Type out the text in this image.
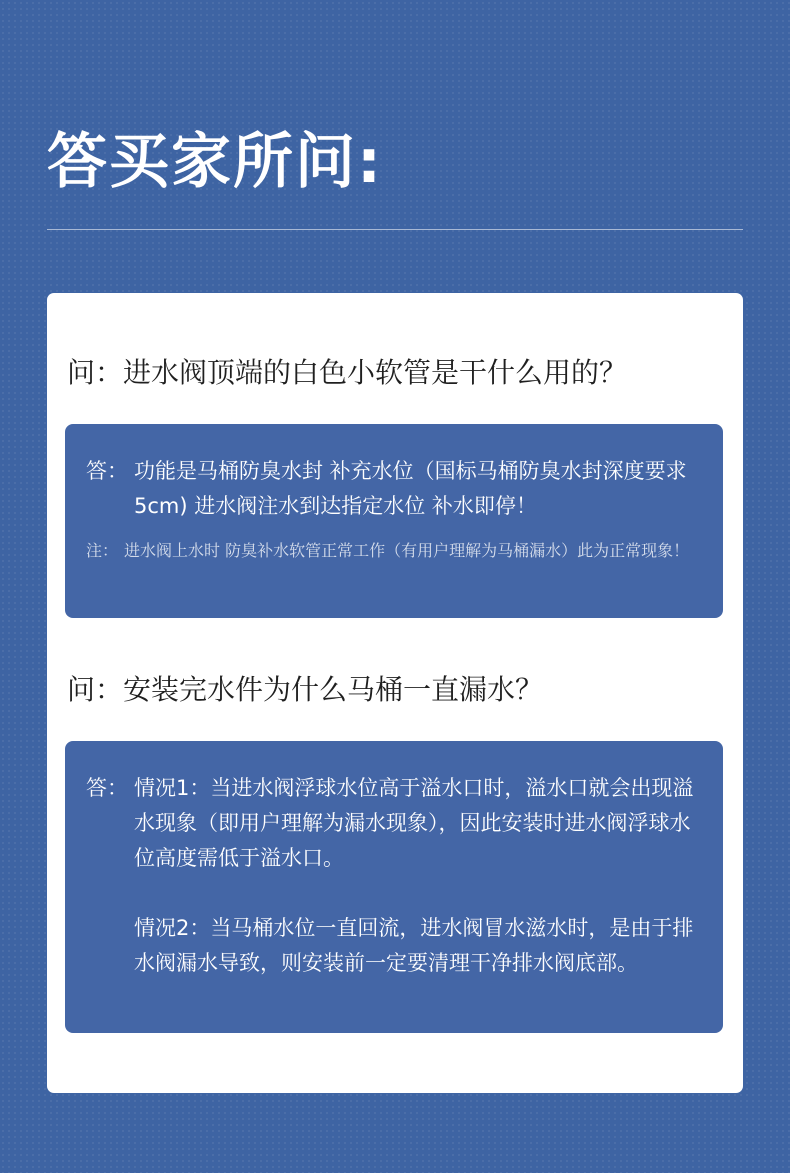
答买家所问:
问：进水阀顶端的白色小软管是干什么用的？
答： 功能是马桶防臭水封 补充水位（国标马桶防臭水封深度要求5cm) 进水阀注水到达指定水位 补水即停！
注： 进水阀上水时 防臭补水软管正常工作（有用户理解为马桶漏水）此为正常现象！
问：安装完水件为什么马桶一直漏水？
答： 情况1：当进水阀浮球水位高于溢水口时，溢水口就会出现溢水现象（即用户理解为漏水现象），因此安装时进水阀浮球水位高度需低于溢水口。
情况2：当马桶水位一直回流，进水阀冒水滋水时，是由于排水阀漏水导致，则安装前一定要清理干净排水阀底部。
